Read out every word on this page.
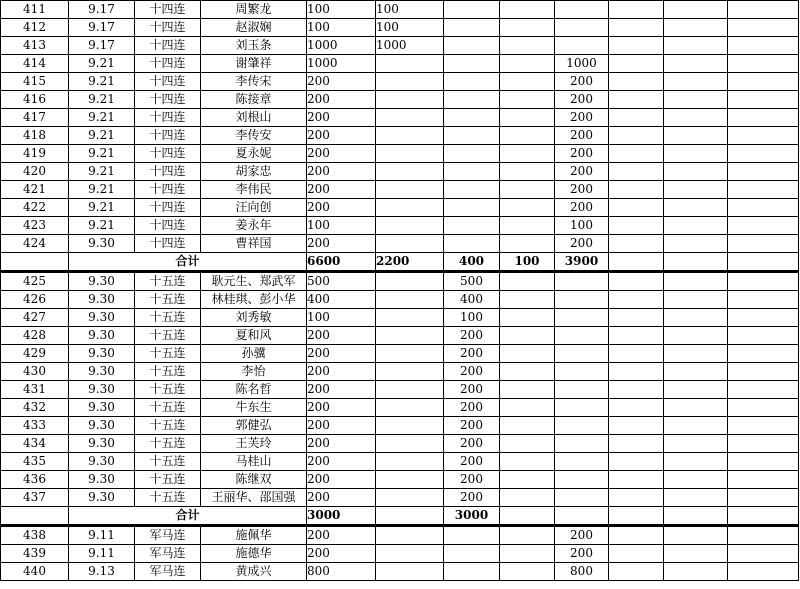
411	9.17	十四连	周繁龙	100	100						
412	9.17	十四连	赵淑娴	100	100						
413	9.17	十四连	刘玉条	1000	1000						
414	9.21	十四连	谢肇祥	1000				1000			
415	9.21	十四连	李传宋	200				200			
416	9.21	十四连	陈接章	200				200			
417	9.21	十四连	刘根山	200				200			
418	9.21	十四连	李传安	200				200			
419	9.21	十四连	夏永妮	200				200			
420	9.21	十四连	胡家忠	200				200			
421	9.21	十四连	李伟民	200				200			
422	9.21	十四连	汪向创	200				200			
423	9.21	十四连	姜永年	100				100			
424	9.30	十四连	曹祥国	200				200			
	合计			6600	2200	400	100	3900			
425	9.30	十五连	耿元生、郑武军	500		500					
426	9.30	十五连	林桂琪、彭小华	400		400					
427	9.30	十五连	刘秀敏	100		100					
428	9.30	十五连	夏和风	200		200					
429	9.30	十五连	孙骥	200		200					
430	9.30	十五连	李怡	200		200					
431	9.30	十五连	陈名哲	200		200					
432	9.30	十五连	牛东生	200		200					
433	9.30	十五连	郭健弘	200		200					
434	9.30	十五连	王芙玲	200		200					
435	9.30	十五连	马桂山	200		200					
436	9.30	十五连	陈继双	200		200					
437	9.30	十五连	王丽华、邵国强	200		200					
	合计			3000		3000					
438	9.11	军马连	施佩华	200				200			
439	9.11	军马连	施德华	200				200			
440	9.13	军马连	黄成兴	800				800			
